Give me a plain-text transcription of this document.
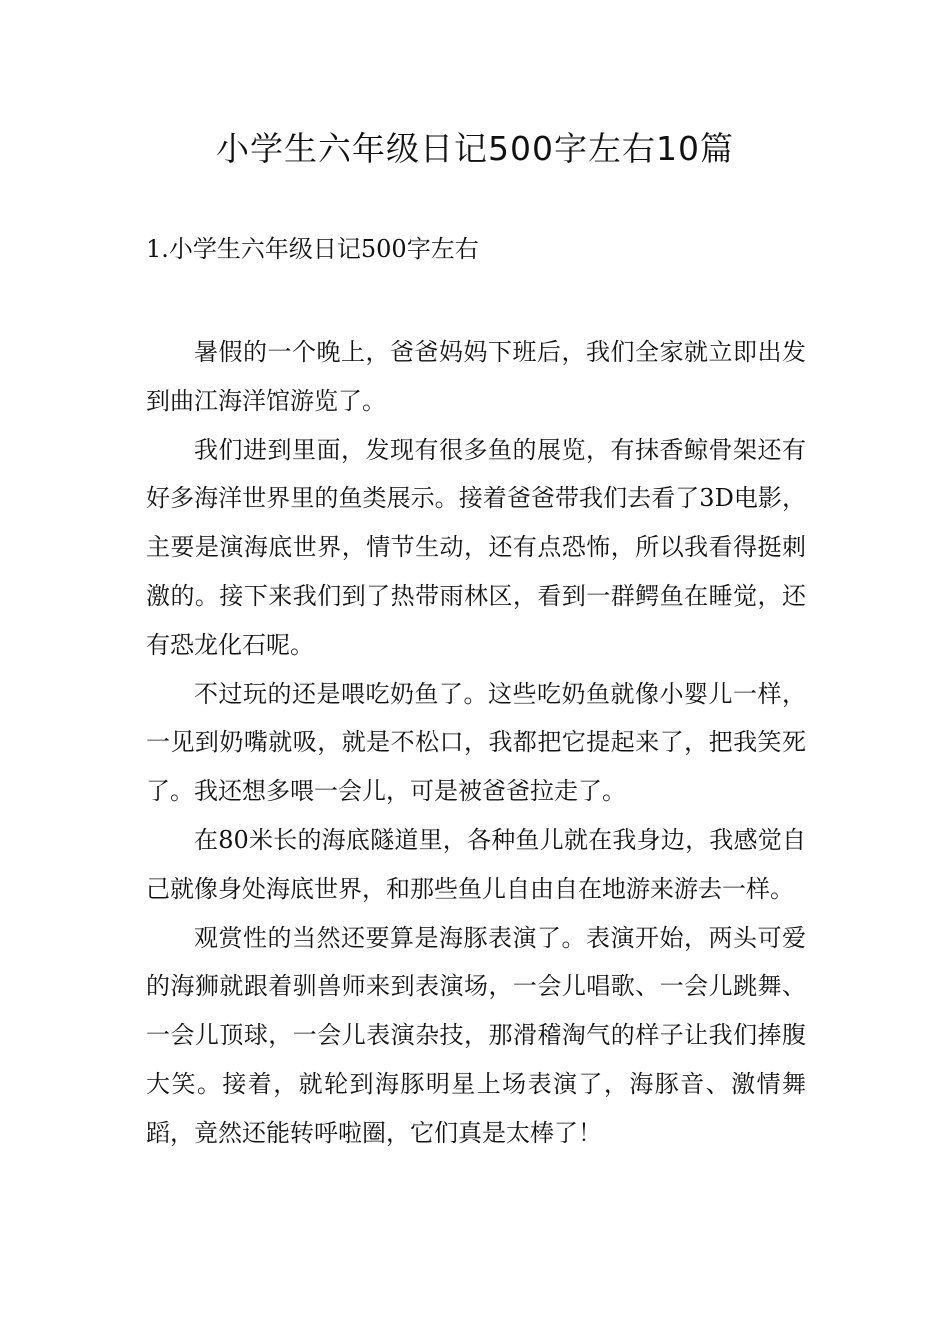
小学生六年级日记500字左右10篇
1.小学生六年级日记500字左右

暑假的一个晚上，爸爸妈妈下班后，我们全家就立即出发到曲江海洋馆游览了。

我们进到里面，发现有很多鱼的展览，有抹香鲸骨架还有好多海洋世界里的鱼类展示。接着爸爸带我们去看了3D电影，主要是演海底世界，情节生动，还有点恐怖，所以我看得挺刺激的。接下来我们到了热带雨林区，看到一群鳄鱼在睡觉，还有恐龙化石呢。

不过玩的还是喂吃奶鱼了。这些吃奶鱼就像小婴儿一样，一见到奶嘴就吸，就是不松口，我都把它提起来了，把我笑死了。我还想多喂一会儿，可是被爸爸拉走了。

在80米长的海底隧道里，各种鱼儿就在我身边，我感觉自己就像身处海底世界，和那些鱼儿自由自在地游来游去一样。

观赏性的当然还要算是海豚表演了。表演开始，两头可爱的海狮就跟着驯兽师来到表演场，一会儿唱歌、一会儿跳舞、一会儿顶球，一会儿表演杂技，那滑稽淘气的样子让我们捧腹大笑。接着，就轮到海豚明星上场表演了，海豚音、激情舞蹈，竟然还能转呼啦圈，它们真是太棒了！
